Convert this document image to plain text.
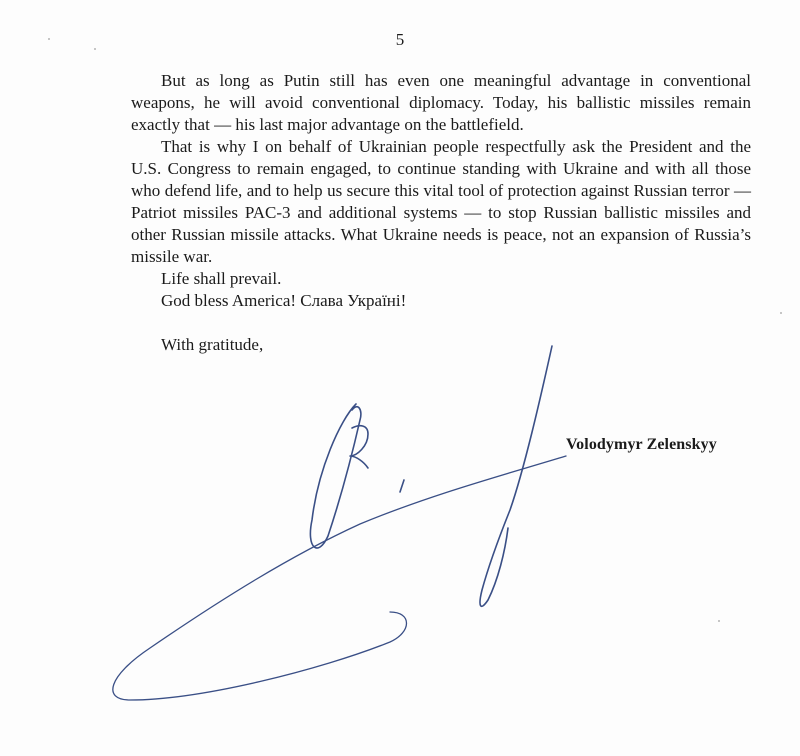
5

But as long as Putin still has even one meaningful advantage in conventional weapons, he will avoid conventional diplomacy. Today, his ballistic missiles remain exactly that — his last major advantage on the battlefield.

That is why I on behalf of Ukrainian people respectfully ask the President and the U.S. Congress to remain engaged, to continue standing with Ukraine and with all those who defend life, and to help us secure this vital tool of protection against Russian terror — Patriot missiles PAC-3 and additional systems — to stop Russian ballistic missiles and other Russian missile attacks. What Ukraine needs is peace, not an expansion of Russia’s missile war.

Life shall prevail.

God bless America! Слава Україні!

With gratitude,

Volodymyr Zelenskyy
